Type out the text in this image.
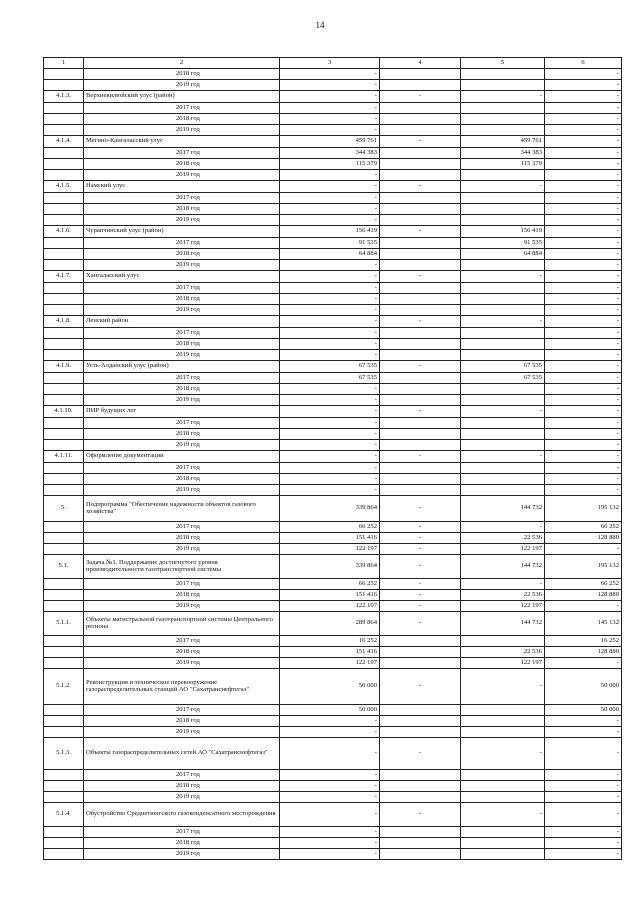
14
1	2	3	4	5	6
	2018 год	-			-
	2019 год	-			-
4.1.3.	Верхневилюйский улус (район)	-	-	-	-
	2017 год	-			-
	2018 год	-			-
	2019 год	-			-
4.1.4.	Мегино-Кангаласский улус	459 761	-	459 761	-
	2017 год	344 383		344 383	-
	2018 год	115 379		115 379	-
	2019 год	-			-
4.1.5.	Намский улус	-	-	-	-
	2017 год	-			-
	2018 год	-			-
	2019 год	-			-
4.1.6.	Чурапчинский улус (район)	156 419	-	156 419	-
	2017 год	91 535		91 535	-
	2018 год	64 884		64 884	-
	2019 год	-			-
4.1.7.	Хангаласский улус	-	-	-	-
	2017 год	-			-
	2018 год	-			-
	2019 год	-			-
4.1.8.	Ленский район	-	-	-	-
	2017 год	-			-
	2018 год	-			-
	2019 год	-			-
4.1.9.	Усть-Алданский улус (район)	67 535	-	67 535	-
	2017 год	67 535		67 535	-
	2018 год	-			-
	2019 год	-			-
4.1.10.	ПИР будущих лет	-	-	-	-
	2017 год	-			-
	2018 год	-			-
	2019 год	-			-
4.1.11.	Оформление документации	-	-	-	-
	2017 год	-			-
	2018 год	-			-
	2019 год	-			-
5.	Подпрограмма "Обеспечение надежности объектов газового хозяйства"	339 864	-	144 732	195 132
	2017 год	66 252	-	-	66 252
	2018 год	151 416	-	22 536	128 880
	2019 год	122 197	-	122 197	-
5.1.	Задача №1. Поддержание достигнутого уровня производительности газотранспортной системы	339 864	-	144 732	195 132
	2017 год	66 252	-	-	66 252
	2018 год	151 416	-	22 536	128 880
	2019 год	122 197	-	122 197	-
5.1.1.	Объекты магистральной газотранспортной системы Центрального региона	289 864	-	144 732	145 132
	2017 год	16 252			16 252
	2018 год	151 416		22 536	128 880
	2019 год	122 197		122 197	-
5.1.2.	Реконструкция и техническое перевооружение газораспределительных станций АО "Сахатранснефтегаз"	50 000	-	-	50 000
	2017 год	50 000			50 000
	2018 год	-			-
	2019 год	-			-
5.1.3.	Объекты газораспределительных сетей АО "Сахатранснефтегаз"	-	-	-	-
	2017 год	-			-
	2018 год	-			-
	2019 год	-			-
5.1.4.	Обустройство Среднетюнгского газоконденсатного месторождения	-	-	-	-
	2017 год	-			-
	2018 год	-			-
	2019 год	-			-
